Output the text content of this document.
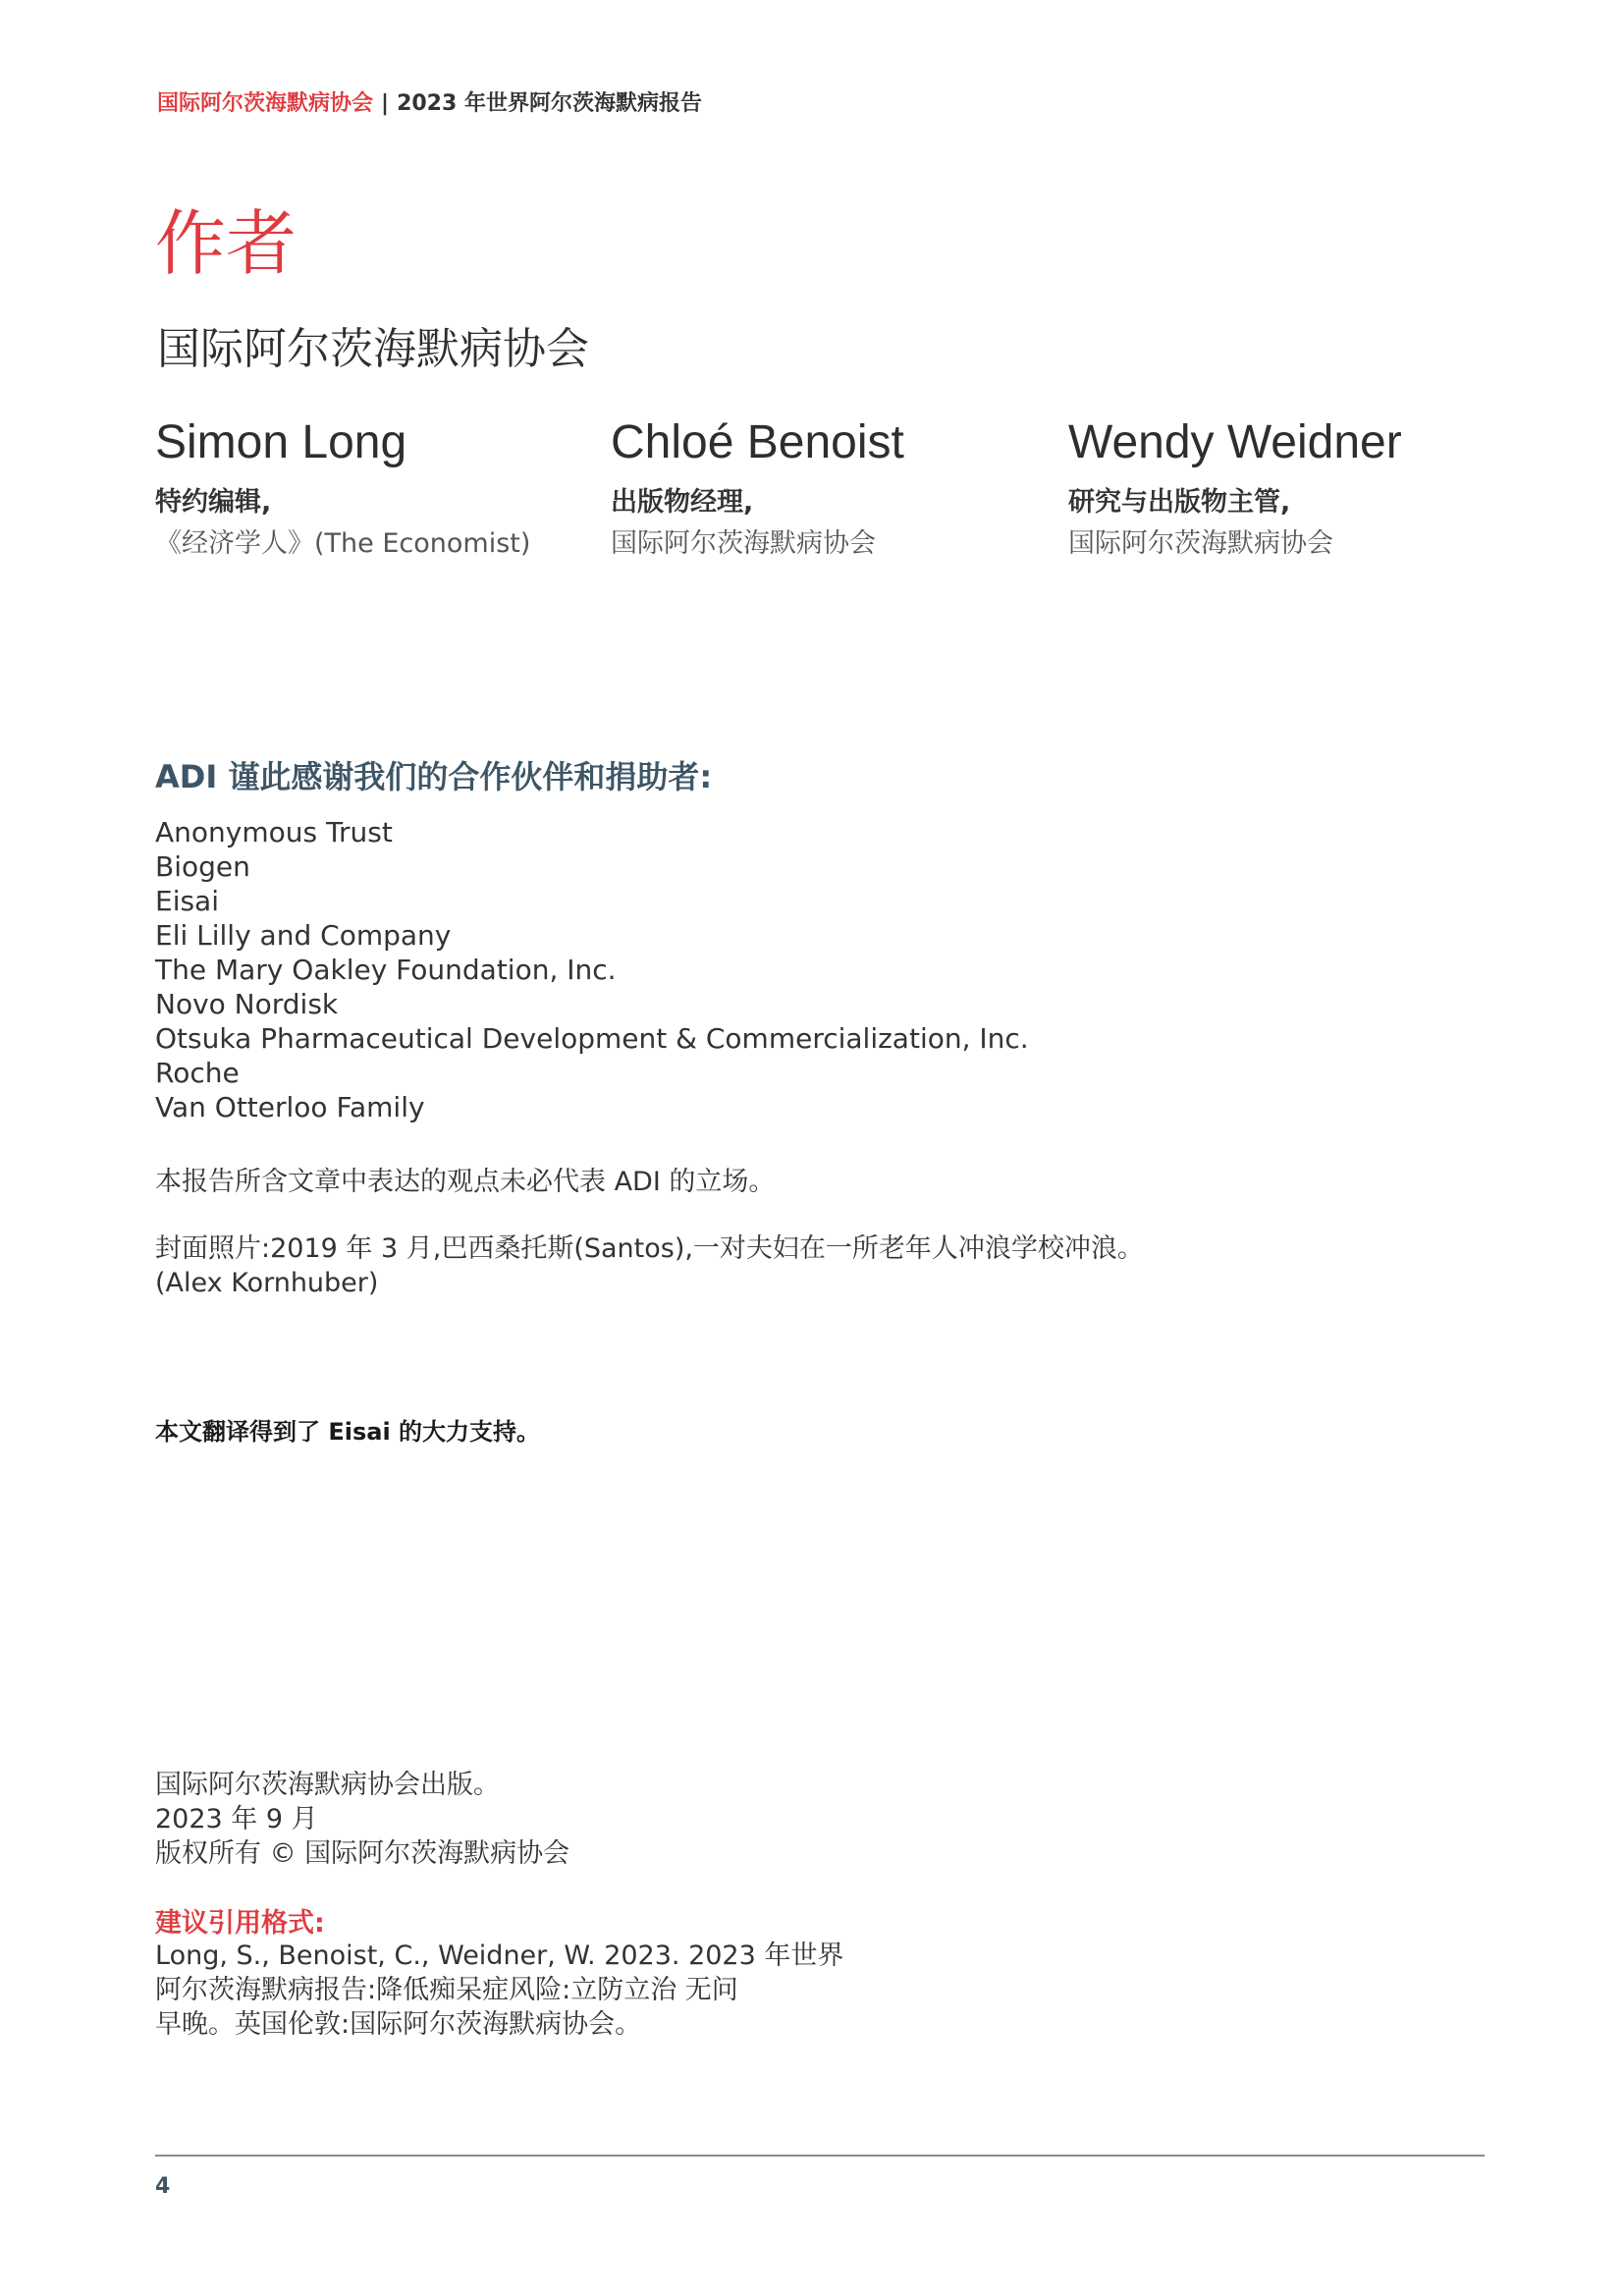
国际阿尔茨海默病协会 | 2023 年世界阿尔茨海默病报告
作者
国际阿尔茨海默病协会
Simon Long
特约编辑,
《经济学人》(The Economist)
Chloé Benoist
出版物经理,
国际阿尔茨海默病协会
Wendy Weidner
研究与出版物主管,
国际阿尔茨海默病协会
ADI 谨此感谢我们的合作伙伴和捐助者:
Anonymous Trust
Biogen
Eisai
Eli Lilly and Company
The Mary Oakley Foundation, Inc.
Novo Nordisk
Otsuka Pharmaceutical Development & Commercialization, Inc.
Roche
Van Otterloo Family
本报告所含文章中表达的观点未必代表 ADI 的立场。
封面照片:2019 年 3 月,巴西桑托斯(Santos),一对夫妇在一所老年人冲浪学校冲浪。
(Alex Kornhuber)
本文翻译得到了 Eisai 的大力支持。
国际阿尔茨海默病协会出版。
2023 年 9 月
版权所有 © 国际阿尔茨海默病协会
建议引用格式:
Long, S., Benoist, C., Weidner, W. 2023. 2023 年世界
阿尔茨海默病报告:降低痴呆症风险:立防立治 无问
早晚。英国伦敦:国际阿尔茨海默病协会。
4
